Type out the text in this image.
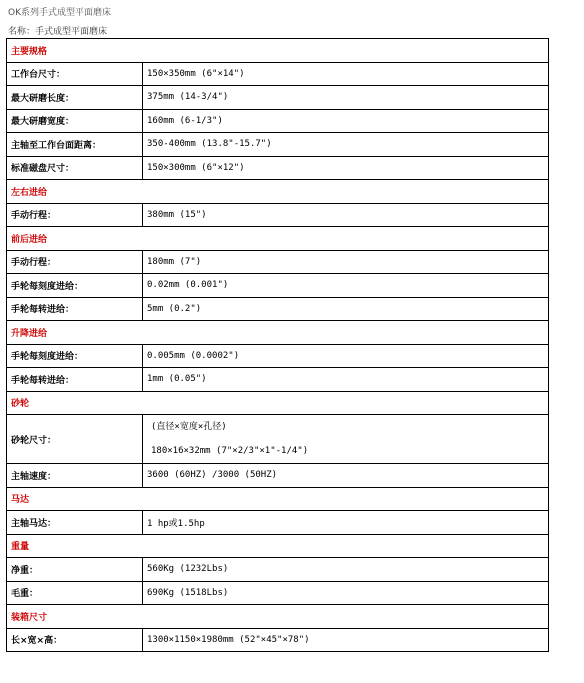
OK系列手式成型平面磨床
名称：手式成型平面磨床
主要规格	
工作台尺寸：	150×350mm (6"×14")
最大研磨长度：	375mm (14-3/4")
最大研磨宽度：	160mm (6-1/3")
主轴至工作台面距离：	350-400mm (13.8"-15.7")
标准磁盘尺寸：	150×300mm (6"×12")
左右进给	
手动行程：	380mm (15")
前后进给	
手动行程：	180mm (7")
手轮每刻度进给：	0.02mm (0.001")
手轮每转进给：	5mm (0.2")
升降进给	
手轮每刻度进给：	0.005mm (0.0002")
手轮每转进给：	1mm (0.05")
砂轮	
砂轮尺寸：	(直径×宽度×孔径)
180×16×32mm (7"×2/3"×1"-1/4")

主轴速度：	3600 (60HZ) /3000 (50HZ)
马达	
主轴马达：	1 hp或1.5hp
重量	
净重：	560Kg (1232Lbs)
毛重：	690Kg (1518Lbs)
装箱尺寸	
长×宽×高：	1300×1150×1980mm (52"×45"×78")
